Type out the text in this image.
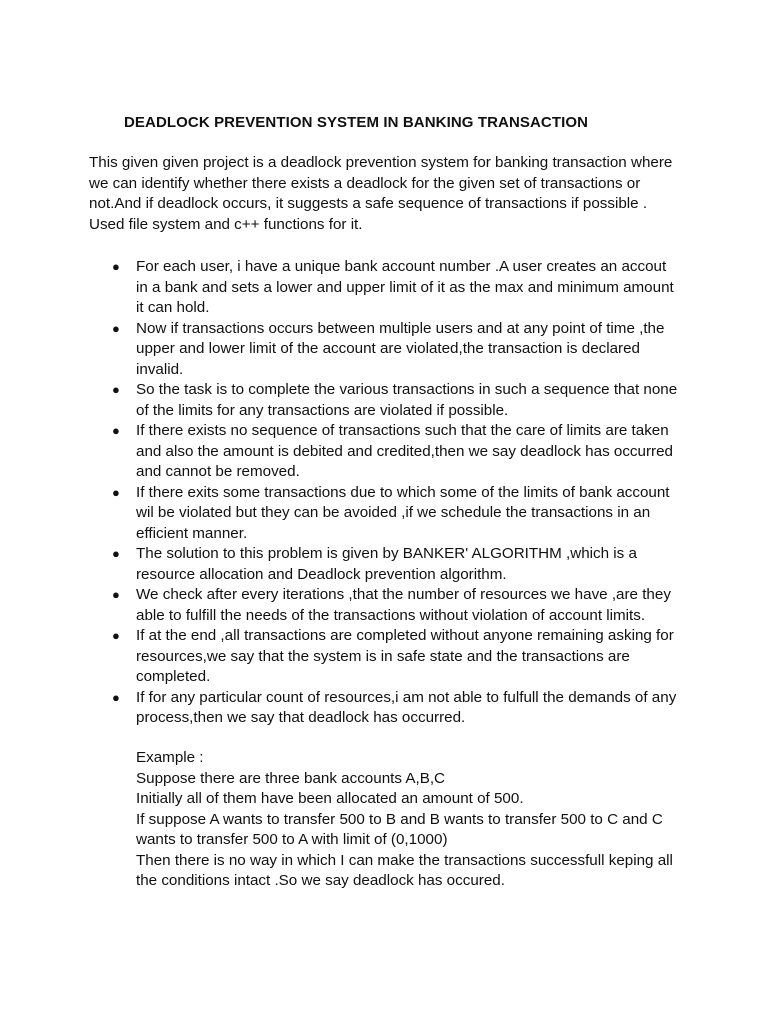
DEADLOCK PREVENTION SYSTEM IN BANKING TRANSACTION

This given given project is a deadlock prevention system for banking transaction where
we can identify whether there exists a deadlock for the given set of transactions or
not.And if deadlock occurs, it suggests a safe sequence of transactions if possible .
Used file system and c++ functions for it.

● For each user, i have a unique bank account number .A user creates an accout
in a bank and sets a lower and upper limit of it as the max and minimum amount
it can hold.
● Now if transactions occurs between multiple users and at any point of time ,the
upper and lower limit of the account are violated,the transaction is declared
invalid.
● So the task is to complete the various transactions in such a sequence that none
of the limits for any transactions are violated if possible.
● If there exists no sequence of transactions such that the care of limits are taken
and also the amount is debited and credited,then we say deadlock has occurred
and cannot be removed.
● If there exits some transactions due to which some of the limits of bank account
wil be violated but they can be avoided ,if we schedule the transactions in an
efficient manner.
● The solution to this problem is given by BANKER' ALGORITHM ,which is a
resource allocation and Deadlock prevention algorithm.
● We check after every iterations ,that the number of resources we have ,are they
able to fulfill the needs of the transactions without violation of account limits.
● If at the end ,all transactions are completed without anyone remaining asking for
resources,we say that the system is in safe state and the transactions are
completed.
● If for any particular count of resources,i am not able to fulfull the demands of any
process,then we say that deadlock has occurred.

Example :
Suppose there are three bank accounts A,B,C
Initially all of them have been allocated an amount of 500.
If suppose A wants to transfer 500 to B and B wants to transfer 500 to C and C
wants to transfer 500 to A with limit of (0,1000)
Then there is no way in which I can make the transactions successfull keping all
the conditions intact .So we say deadlock has occured.
